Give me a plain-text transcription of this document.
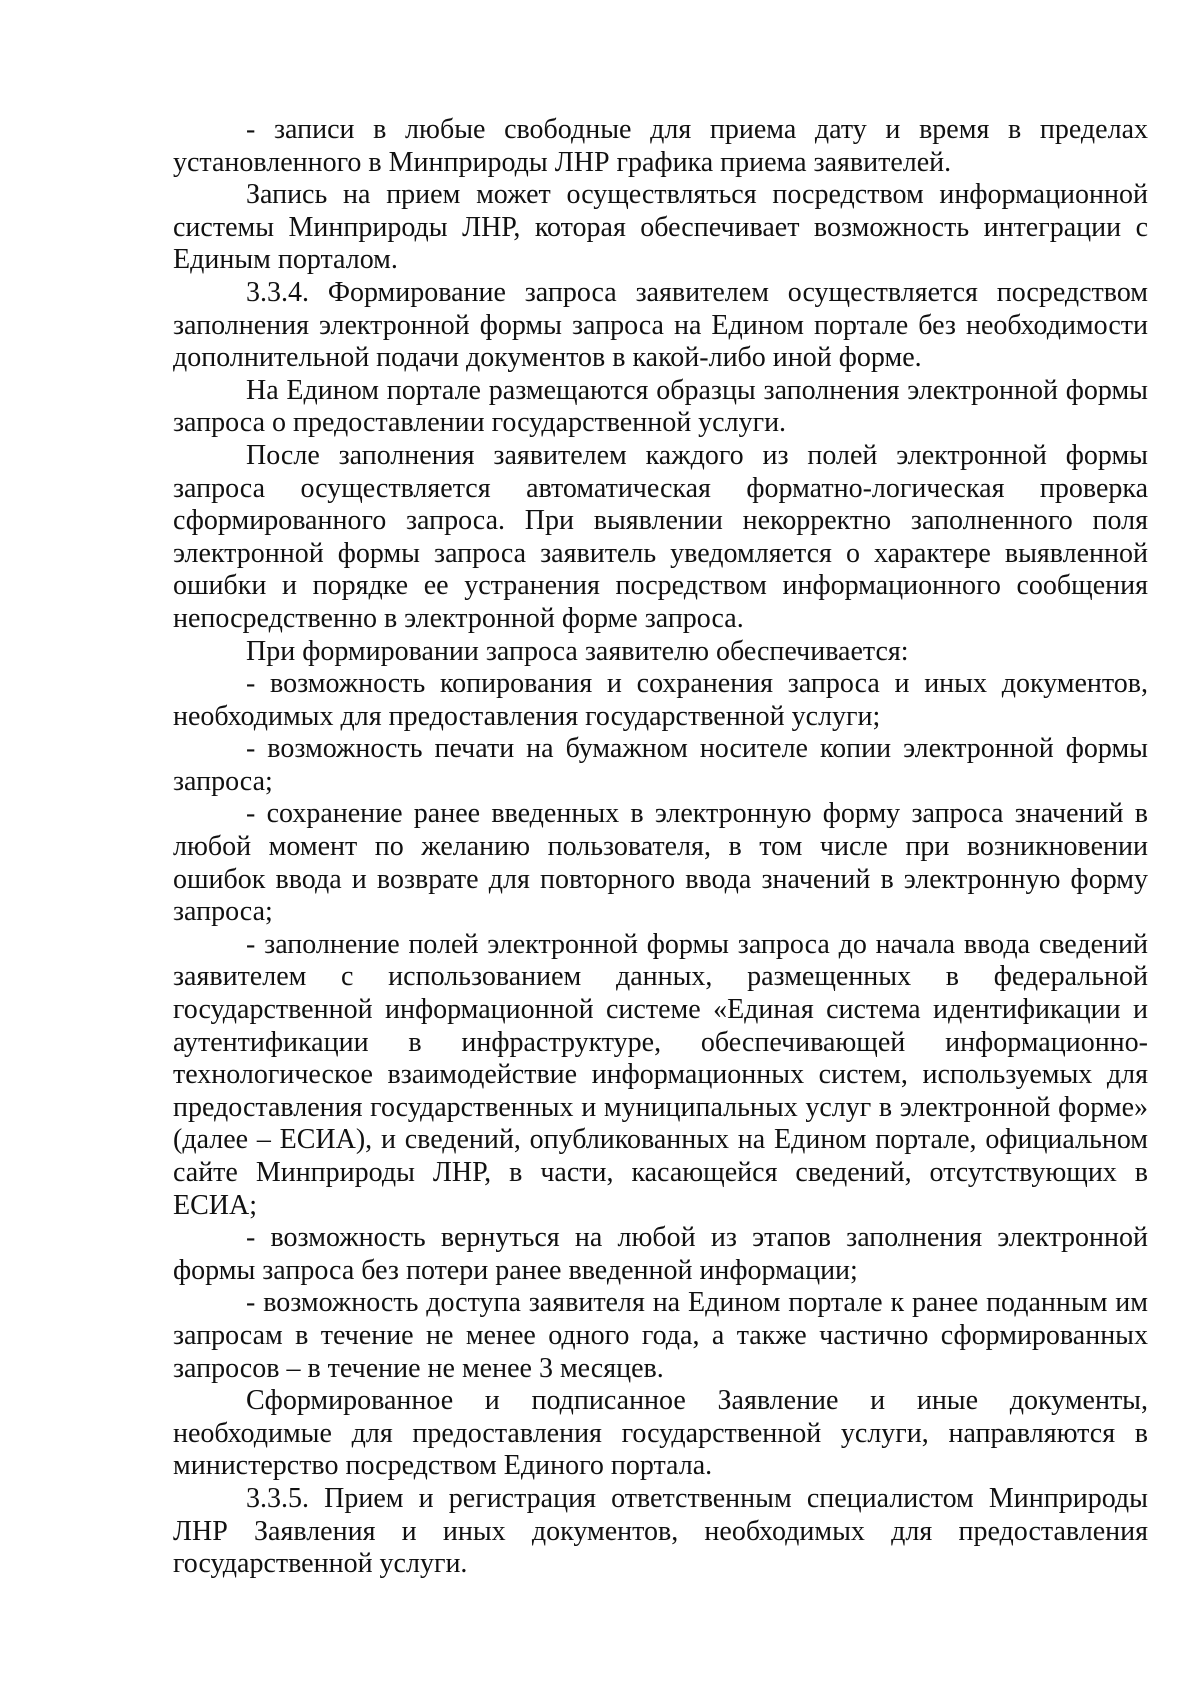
- записи в любые свободные для приема дату и время в пределах установленного в Минприроды ЛНР графика приема заявителей.

Запись на прием может осуществляться посредством информационной системы Минприроды ЛНР, которая обеспечивает возможность интеграции с Единым порталом.

3.3.4. Формирование запроса заявителем осуществляется посредством заполнения электронной формы запроса на Едином портале без необходимости дополнительной подачи документов в какой-либо иной форме.

На Едином портале размещаются образцы заполнения электронной формы запроса о предоставлении государственной услуги.

После заполнения заявителем каждого из полей электронной формы запроса осуществляется автоматическая форматно-логическая проверка сформированного запроса. При выявлении некорректно заполненного поля электронной формы запроса заявитель уведомляется о характере выявленной ошибки и порядке ее устранения посредством информационного сообщения непосредственно в электронной форме запроса.

При формировании запроса заявителю обеспечивается:

- возможность копирования и сохранения запроса и иных документов, необходимых для предоставления государственной услуги;

- возможность печати на бумажном носителе копии электронной формы запроса;

- сохранение ранее введенных в электронную форму запроса значений в любой момент по желанию пользователя, в том числе при возникновении ошибок ввода и возврате для повторного ввода значений в электронную форму запроса;

- заполнение полей электронной формы запроса до начала ввода сведений заявителем с использованием данных, размещенных в федеральной государственной информационной системе «Единая система идентификации и аутентификации в инфраструктуре, обеспечивающей информационно-технологическое взаимодействие информационных систем, используемых для предоставления государственных и муниципальных услуг в электронной форме» (далее – ЕСИА), и сведений, опубликованных на Едином портале, официальном сайте Минприроды ЛНР, в части, касающейся сведений, отсутствующих в ЕСИА;

- возможность вернуться на любой из этапов заполнения электронной формы запроса без потери ранее введенной информации;

- возможность доступа заявителя на Едином портале к ранее поданным им запросам в течение не менее одного года, а также частично сформированных запросов – в течение не менее 3 месяцев.

Сформированное и подписанное Заявление и иные документы, необходимые для предоставления государственной услуги, направляются в министерство посредством Единого портала.

3.3.5. Прием и регистрация ответственным специалистом Минприроды ЛНР Заявления и иных документов, необходимых для предоставления государственной услуги.
